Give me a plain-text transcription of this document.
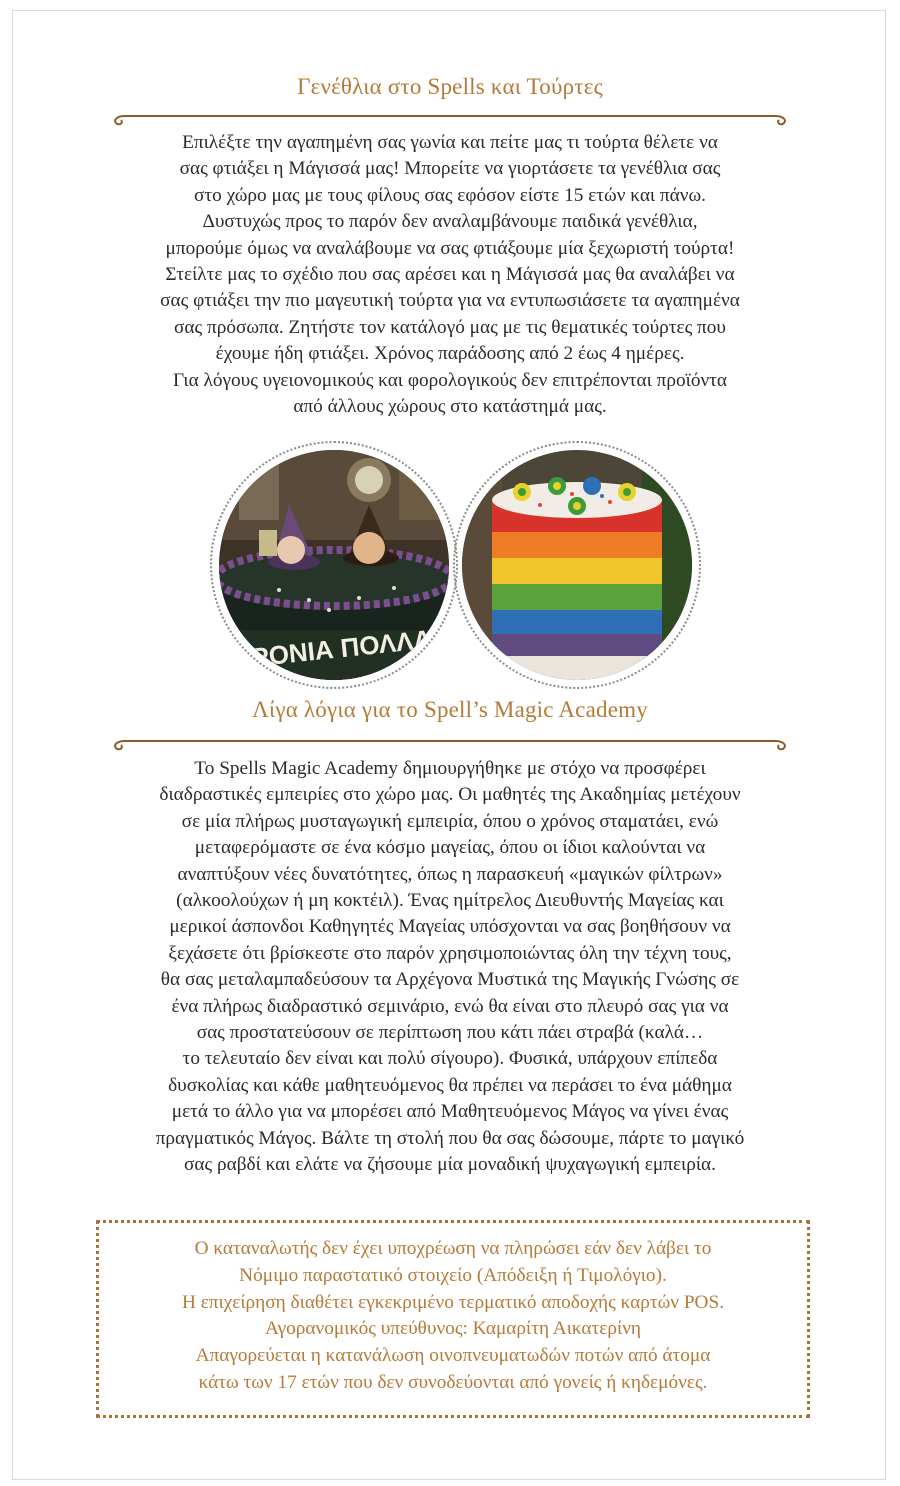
Γενέθλια στο Spells και Τούρτες
Επιλέξτε την αγαπημένη σας γωνία και πείτε μας τι τούρτα θέλετε να
σας φτιάξει η Μάγισσά μας! Μπορείτε να γιορτάσετε τα γενέθλια σας
στο χώρο μας με τους φίλους σας εφόσον είστε 15 ετών και πάνω.
Δυστυχώς προς το παρόν δεν αναλαμβάνουμε παιδικά γενέθλια,
μπορούμε όμως να αναλάβουμε να σας φτιάξουμε μία ξεχωριστή τούρτα!
Στείλτε μας το σχέδιο που σας αρέσει και η Μάγισσά μας θα αναλάβει να
σας φτιάξει την πιο μαγευτική τούρτα για να εντυπωσιάσετε τα αγαπημένα
σας πρόσωπα. Ζητήστε τον κατάλογό μας με τις θεματικές τούρτες που
έχουμε ήδη φτιάξει. Χρόνος παράδοσης από 2 έως 4 ημέρες.
Για λόγους υγειονομικούς και φορολογικούς δεν επιτρέπονται προϊόντα
από άλλους χώρους στο κατάστημά μας.
ΧΡΟΝΙΑ ΠΟΛΛΑ
Λίγα λόγια για το Spell’s Magic Academy
Το Spells Magic Academy δημιουργήθηκε με στόχο να προσφέρει
διαδραστικές εμπειρίες στο χώρο μας. Οι μαθητές της Ακαδημίας μετέχουν
σε μία πλήρως μυσταγωγική εμπειρία, όπου ο χρόνος σταματάει, ενώ
μεταφερόμαστε σε ένα κόσμο μαγείας, όπου οι ίδιοι καλούνται να
αναπτύξουν νέες δυνατότητες, όπως η παρασκευή «μαγικών φίλτρων»
(αλκοολούχων ή μη κοκτέιλ). Ένας ημίτρελος Διευθυντής Μαγείας και
μερικοί άσπονδοι Καθηγητές Μαγείας υπόσχονται να σας βοηθήσουν να
ξεχάσετε ότι βρίσκεστε στο παρόν χρησιμοποιώντας όλη την τέχνη τους,
θα σας μεταλαμπαδεύσουν τα Αρχέγονα Μυστικά της Μαγικής Γνώσης σε
ένα πλήρως διαδραστικό σεμινάριο, ενώ θα είναι στο πλευρό σας για να
σας προστατεύσουν σε περίπτωση που κάτι πάει στραβά (καλά…
το τελευταίο δεν είναι και πολύ σίγουρο). Φυσικά, υπάρχουν επίπεδα
δυσκολίας και κάθε μαθητευόμενος θα πρέπει να περάσει το ένα μάθημα
μετά το άλλο για να μπορέσει από Μαθητευόμενος Μάγος να γίνει ένας
πραγματικός Μάγος. Βάλτε τη στολή που θα σας δώσουμε, πάρτε το μαγικό
σας ραβδί και ελάτε να ζήσουμε μία μοναδική ψυχαγωγική εμπειρία.
Ο καταναλωτής δεν έχει υποχρέωση να πληρώσει εάν δεν λάβει το
Νόμιμο παραστατικό στοιχείο (Απόδειξη ή Τιμολόγιο).
Η επιχείρηση διαθέτει εγκεκριμένο τερματικό αποδοχής καρτών POS.
Αγορανομικός υπεύθυνος: Καμαρίτη Αικατερίνη
Απαγορεύεται η κατανάλωση οινοπνευματωδών ποτών από άτομα
κάτω των 17 ετών που δεν συνοδεύονται από γονείς ή κηδεμόνες.
